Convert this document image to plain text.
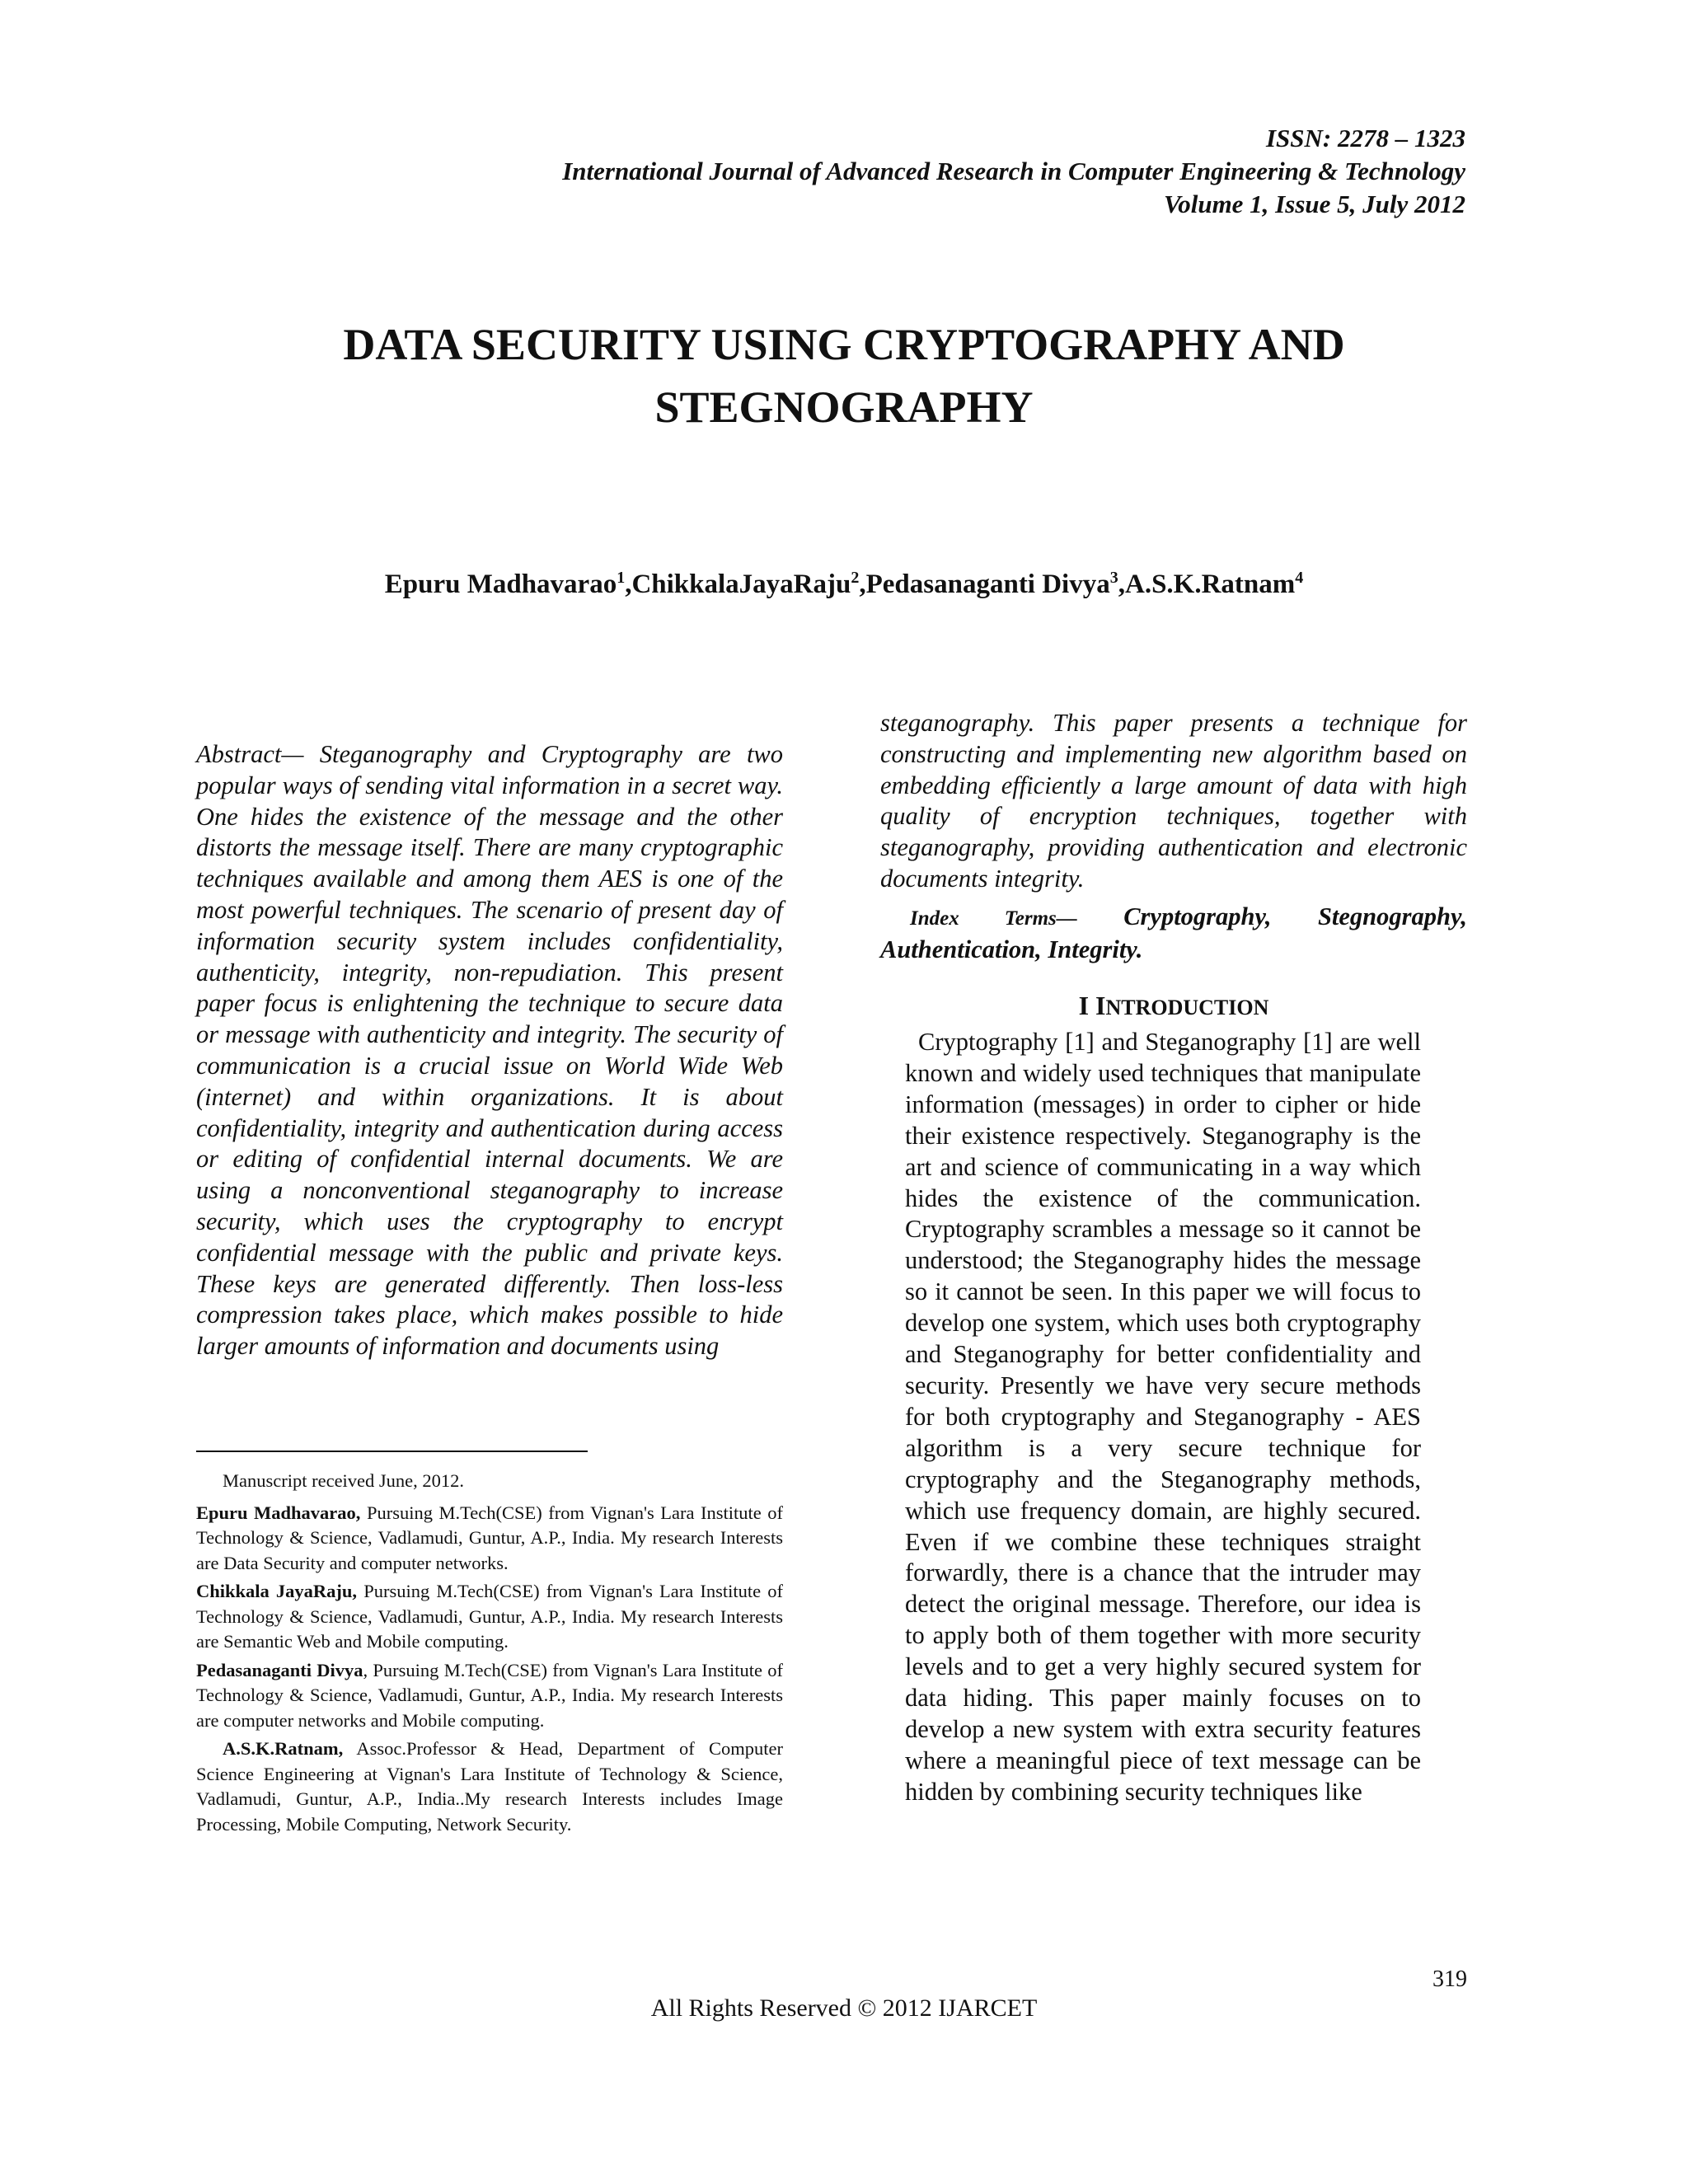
ISSN: 2278 – 1323
International Journal of Advanced Research in Computer Engineering & Technology
Volume 1, Issue 5, July 2012
DATA SECURITY USING CRYPTOGRAPHY AND
STEGNOGRAPHY
Epuru Madhavarao$^1$,ChikkalaJayaRaju$^2$,Pedasanaganti Divya$^3$,A.S.K.Ratnam$^4$

Abstract— Steganography and Cryptography are two popular ways of sending vital information in a secret way. One hides the existence of the message and the other distorts the message itself. There are many cryptographic techniques available and among them AES is one of the most powerful techniques. The scenario of present day of information security system includes confidentiality, authenticity, integrity, non-repudiation. This present paper focus is enlightening the technique to secure data or message with authenticity and integrity. The security of communication is a crucial issue on World Wide Web (internet) and within organizations. It is about confidentiality, integrity and authentication during access or editing of confidential internal documents. We are using a nonconventional steganography to increase security, which uses the cryptography to encrypt confidential message with the public and private keys. These keys are generated differently. Then loss-less compression takes place, which makes possible to hide larger amounts of information and documents using

Manuscript received June, 2012.

Epuru Madhavarao, Pursuing M.Tech(CSE) from Vignan's Lara Institute of Technology & Science, Vadlamudi, Guntur, A.P., India. My research Interests are Data Security and computer networks.

Chikkala JayaRaju, Pursuing M.Tech(CSE) from Vignan's Lara Institute of Technology & Science, Vadlamudi, Guntur, A.P., India. My research Interests are Semantic Web and Mobile computing.

Pedasanaganti Divya, Pursuing M.Tech(CSE) from Vignan's Lara Institute of Technology & Science, Vadlamudi, Guntur, A.P., India. My research Interests are computer networks and Mobile computing.

A.S.K.Ratnam, Assoc.Professor & Head, Department of Computer Science Engineering at Vignan's Lara Institute of Technology & Science, Vadlamudi, Guntur, A.P., India..My research Interests includes Image Processing, Mobile Computing, Network Security.

steganography. This paper presents a technique for constructing and implementing new algorithm based on embedding efficiently a large amount of data with high quality of encryption techniques, together with steganography, providing authentication and electronic documents integrity.

Index Terms— Cryptography, Stegnography, Authentication, Integrity.

I INTRODUCTION

Cryptography [1] and Steganography [1] are well known and widely used techniques that manipulate information (messages) in order to cipher or hide their existence respectively. Steganography is the art and science of communicating in a way which hides the existence of the communication. Cryptography scrambles a message so it cannot be understood; the Steganography hides the message so it cannot be seen. In this paper we will focus to develop one system, which uses both cryptography and Steganography for better confidentiality and security. Presently we have very secure methods for both cryptography and Steganography - AES algorithm is a very secure technique for cryptography and the Steganography methods, which use frequency domain, are highly secured. Even if we combine these techniques straight forwardly, there is a chance that the intruder may detect the original message. Therefore, our idea is to apply both of them together with more security levels and to get a very highly secured system for data hiding. This paper mainly focuses on to develop a new system with extra security features where a meaningful piece of text message can be hidden by combining security techniques like

319
All Rights Reserved © 2012 IJARCET
